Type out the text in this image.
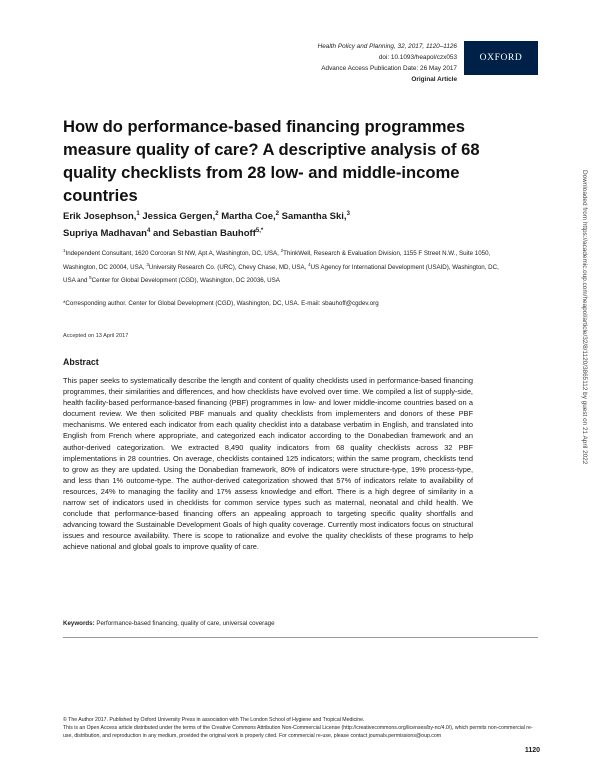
Health Policy and Planning, 32, 2017, 1120–1126
doi: 10.1093/heapol/czx053
Advance Access Publication Date: 26 May 2017
Original Article
OXFORD
How do performance-based financing programmes measure quality of care? A descriptive analysis of 68 quality checklists from 28 low- and middle-income countries
Erik Josephson,$^1$ Jessica Gergen,$^2$ Martha Coe,$^2$ Samantha Ski,$^3$
Supriya Madhavan$^4$ and Sebastian Bauhoff$^{5,*}$
$^1$Independent Consultant, 1620 Corcoran St NW, Apt A, Washington, DC, USA, $^2$ThinkWell, Research & Evaluation Division, 1155 F Street N.W., Suite 1050, Washington, DC 20004, USA, $^3$University Research Co. (URC), Chevy Chase, MD, USA, $^4$US Agency for International Development (USAID), Washington, DC, USA and $^5$Center for Global Development (CGD), Washington, DC 20036, USA
*Corresponding author. Center for Global Development (CGD), Washington, DC, USA. E-mail: sbauhoff@cgdev.org
Accepted on 13 April 2017
Abstract
This paper seeks to systematically describe the length and content of quality checklists used in performance-based financing programmes, their similarities and differences, and how checklists have evolved over time. We compiled a list of supply-side, health facility-based performance-based financing (PBF) programmes in low- and lower middle-income countries based on a document review. We then solicited PBF manuals and quality checklists from implementers and donors of these PBF mechanisms. We entered each indicator from each quality checklist into a database verbatim in English, and translated into English from French where appropriate, and categorized each indicator according to the Donabedian framework and an author-derived categorization. We extracted 8,490 quality indicators from 68 quality checklists across 32 PBF implementations in 28 countries. On average, checklists contained 125 indicators; within the same program, checklists tend to grow as they are updated. Using the Donabedian framework, 80% of indicators were structure-type, 19% process-type, and less than 1% outcome-type. The author-derived categorization showed that 57% of indicators relate to availability of resources, 24% to managing the facility and 17% assess knowledge and effort. There is a high degree of similarity in a narrow set of indicators used in checklists for common service types such as maternal, neonatal and child health. We conclude that performance-based financing offers an appealing approach to targeting specific quality shortfalls and advancing toward the Sustainable Development Goals of high quality coverage. Currently most indicators focus on structural issues and resource availability. There is scope to rationalize and evolve the quality checklists of these programs to help achieve national and global goals to improve quality of care.
Keywords: Performance-based financing, quality of care, universal coverage
© The Author 2017. Published by Oxford University Press in association with The London School of Hygiene and Tropical Medicine.
This is an Open Access article distributed under the terms of the Creative Commons Attribution Non-Commercial License (http://creativecommons.org/licenses/by-nc/4.0/), which permits non-commercial re-use, distribution, and reproduction in any medium, provided the original work is properly cited. For commercial re-use, please contact journals.permissions@oup.com
1120
Downloaded from https://academic.oup.com/heapol/article/32/8/1120/3865112 by guest on 21 April 2022
